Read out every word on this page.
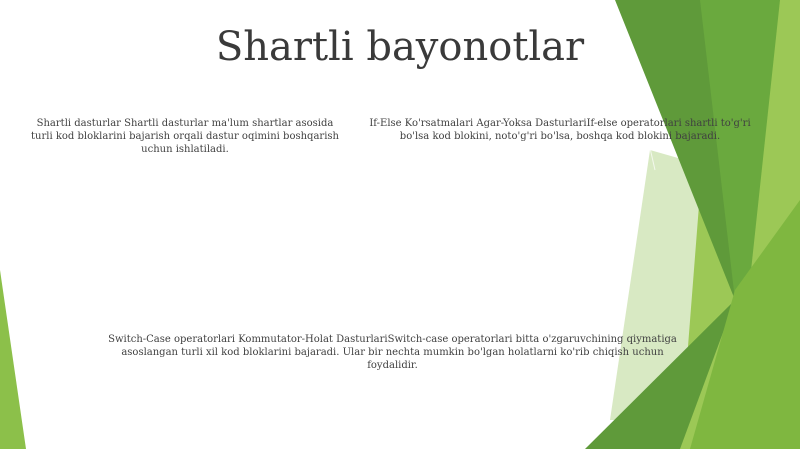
Shartli bayonotlar
Shartli dasturlar Shartli dasturlar ma'lum shartlar asosida turli kod bloklarini bajarish orqali dastur oqimini boshqarish uchun ishlatiladi.
If-Else Ko'rsatmalari Agar-Yoksa DasturlariIf-else operatorlari shartli to'g'ri bo'lsa kod blokini, noto'g'ri bo'lsa, boshqa kod blokini bajaradi.
Switch-Case operatorlari Kommutator-Holat DasturlariSwitch-case operatorlari bitta o'zgaruvchining qiymatiga asoslangan turli xil kod bloklarini bajaradi. Ular bir nechta mumkin bo'lgan holatlarni ko'rib chiqish uchun foydalidir.
